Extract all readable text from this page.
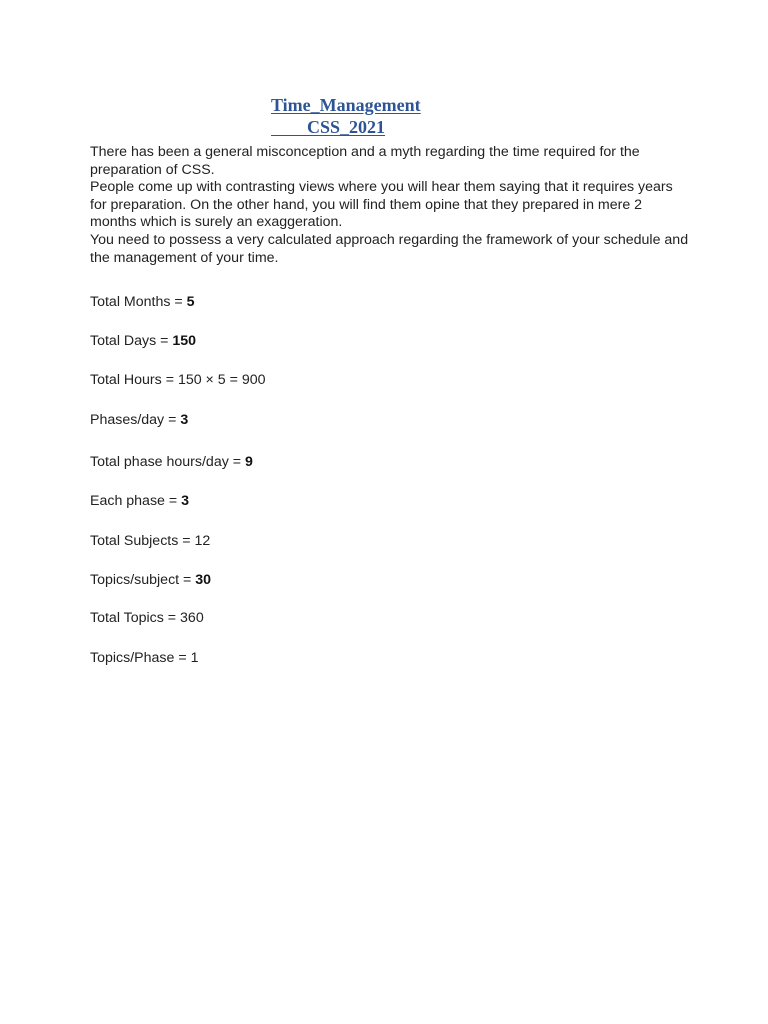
Time_Management
CSS_2021

There has been a general misconception and a myth regarding the time required for the preparation of CSS.

People come up with contrasting views where you will hear them saying that it requires years for preparation. On the other hand, you will find them opine that they prepared in mere 2 months which is surely an exaggeration.

You need to possess a very calculated approach regarding the framework of your schedule and the management of your time.

Total Months = 5
Total Days = 150
Total Hours = 150 × 5 = 900
Phases/day = 3
Total phase hours/day = 9
Each phase = 3
Total Subjects = 12
Topics/subject = 30
Total Topics = 360
Topics/Phase = 1
